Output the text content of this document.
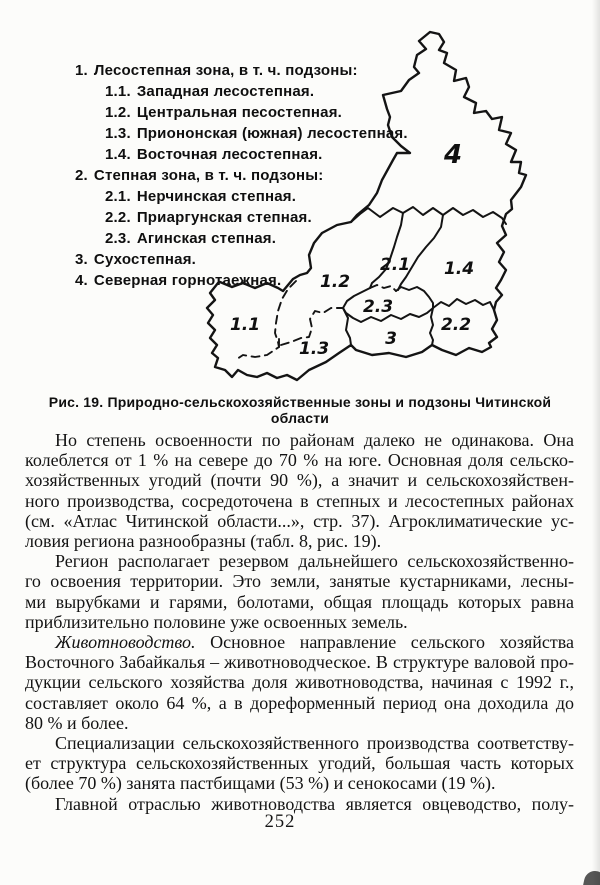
1. Лесостепная зона, в т. ч. подзоны:
1.1. Западная лесостепная.
1.2. Центральная песостепная.
1.3. Приононская (южная) лесостепная.
1.4. Восточная лесостепная.
2. Степная зона, в т. ч. подзоны:
2.1. Нерчинская степная.
2.2. Приаргунская степная.
2.3. Агинская степная.
3. Сухостепная.
4. Северная горнотаежная.
4
2.1 1.4
1.2
2.3
1.1	2.2
3
1.3
Рис. 19. Природно-сельскохозяйственные зоны и подзоны Читинской области
Но степень освоенности по районам далеко не одинакова. Она
колеблется от 1 % на севере до 70 % на юге. Основная доля сельско-
хозяйственных угодий (почти 90 %), а значит и сельскохозяйствен-
ного производства, сосредоточена в степных и лесостепных районах
(см. «Атлас Читинской области...», стр. 37). Агроклиматические ус-
ловия региона разнообразны (табл. 8, рис. 19).
Регион располагает резервом дальнейшего сельскохозяйственно-
го освоения территории. Это земли, занятые кустарниками, лесны-
ми вырубками и гарями, болотами, общая площадь которых равна
приблизительно половине уже освоенных земель.
Животноводство. Основное направление сельского хозяйства
Восточного Забайкалья – животноводческое. В структуре валовой про-
дукции сельского хозяйства доля животноводства, начиная с 1992 г.,
составляет около 64 %, а в дореформенный период она доходила до
80 % и более.
Специализации сельскохозяйственного производства соответству-
ет структура сельскохозяйственных угодий, большая часть которых
(более 70 %) занята пастбищами (53 %) и сенокосами (19 %).
Главной отраслью животноводства является овцеводство, полу-
252
